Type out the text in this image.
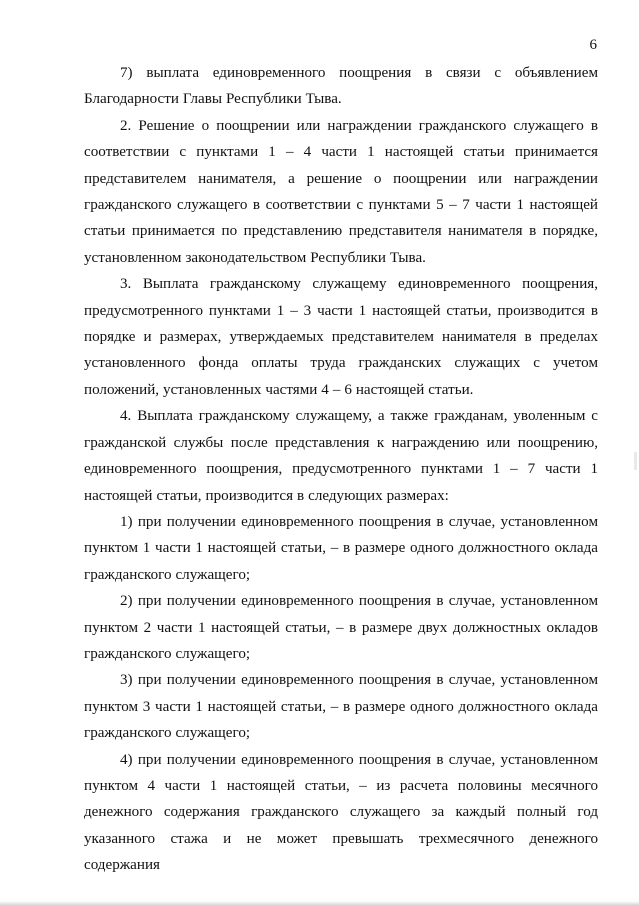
6

7) выплата единовременного поощрения в связи с объявлением Благодарности Главы Республики Тыва.

2. Решение о поощрении или награждении гражданского служащего в соответствии с пунктами 1 – 4 части 1 настоящей статьи принимается представителем нанимателя, а решение о поощрении или награждении гражданского служащего в соответствии с пунктами 5 – 7 части 1 настоящей статьи принимается по представлению представителя нанимателя в порядке, установленном законодательством Республики Тыва.

3. Выплата гражданскому служащему единовременного поощрения, предусмотренного пунктами 1 – 3 части 1 настоящей статьи, производится в порядке и размерах, утверждаемых представителем нанимателя в пределах установленного фонда оплаты труда гражданских служащих с учетом положений, установленных частями 4 – 6 настоящей статьи.

4. Выплата гражданскому служащему, а также гражданам, уволенным с гражданской службы после представления к награждению или поощрению, единовременного поощрения, предусмотренного пунктами 1 – 7 части 1 настоящей статьи, производится в следующих размерах:

1) при получении единовременного поощрения в случае, установленном пунктом 1 части 1 настоящей статьи, – в размере одного должностного оклада гражданского служащего;

2) при получении единовременного поощрения в случае, установленном пунктом 2 части 1 настоящей статьи, – в размере двух должностных окладов гражданского служащего;

3) при получении единовременного поощрения в случае, установленном пунктом 3 части 1 настоящей статьи, – в размере одного должностного оклада гражданского служащего;

4) при получении единовременного поощрения в случае, установленном пунктом 4 части 1 настоящей статьи, – из расчета половины месячного денежного содержания гражданского служащего за каждый полный год указанного стажа и не может превышать трехмесячного денежного содержания
